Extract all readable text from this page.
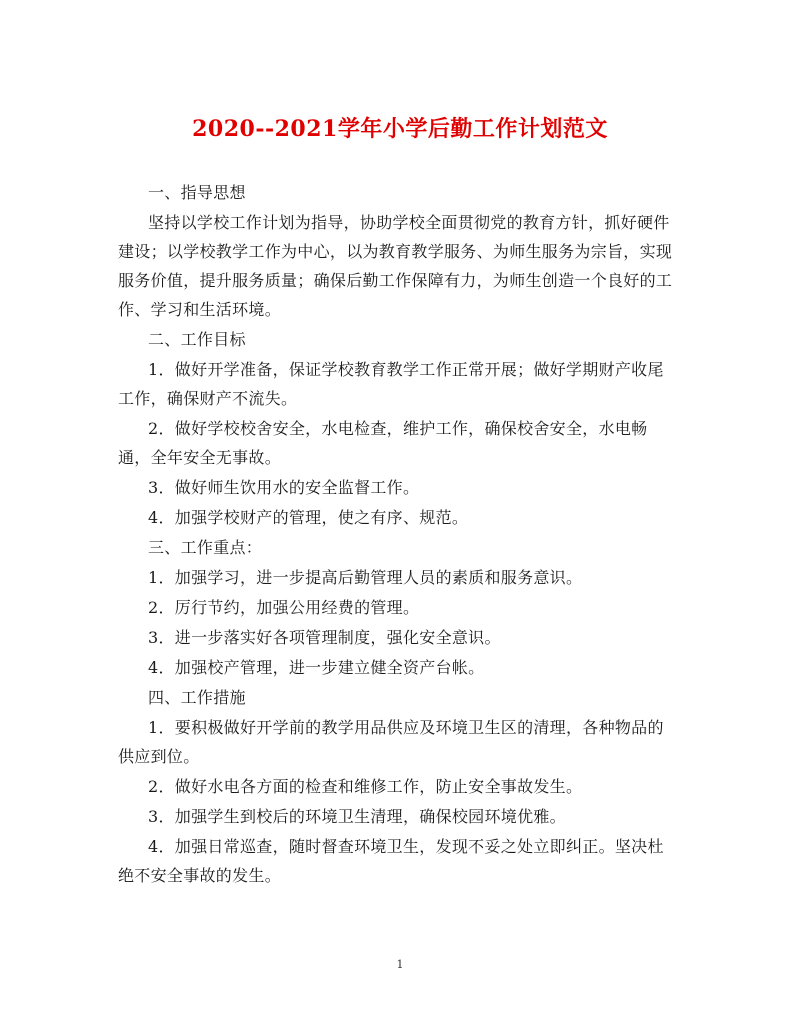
2020--2021学年小学后勤工作计划范文

一、指导思想

坚持以学校工作计划为指导，协助学校全面贯彻党的教育方针，抓好硬件建设；以学校教学工作为中心，以为教育教学服务、为师生服务为宗旨，实现服务价值，提升服务质量；确保后勤工作保障有力，为师生创造一个良好的工作、学习和生活环境。

二、工作目标

1．做好开学准备，保证学校教育教学工作正常开展；做好学期财产收尾工作，确保财产不流失。

2．做好学校校舍安全，水电检查，维护工作，确保校舍安全，水电畅通，全年安全无事故。

3．做好师生饮用水的安全监督工作。

4．加强学校财产的管理，使之有序、规范。

三、工作重点：

1．加强学习，进一步提高后勤管理人员的素质和服务意识。

2．厉行节约，加强公用经费的管理。

3．进一步落实好各项管理制度，强化安全意识。

4．加强校产管理，进一步建立健全资产台帐。

四、工作措施

1．要积极做好开学前的教学用品供应及环境卫生区的清理，各种物品的供应到位。

2．做好水电各方面的检查和维修工作，防止安全事故发生。

3．加强学生到校后的环境卫生清理，确保校园环境优雅。

4．加强日常巡查，随时督查环境卫生，发现不妥之处立即纠正。坚决杜绝不安全事故的发生。

1
